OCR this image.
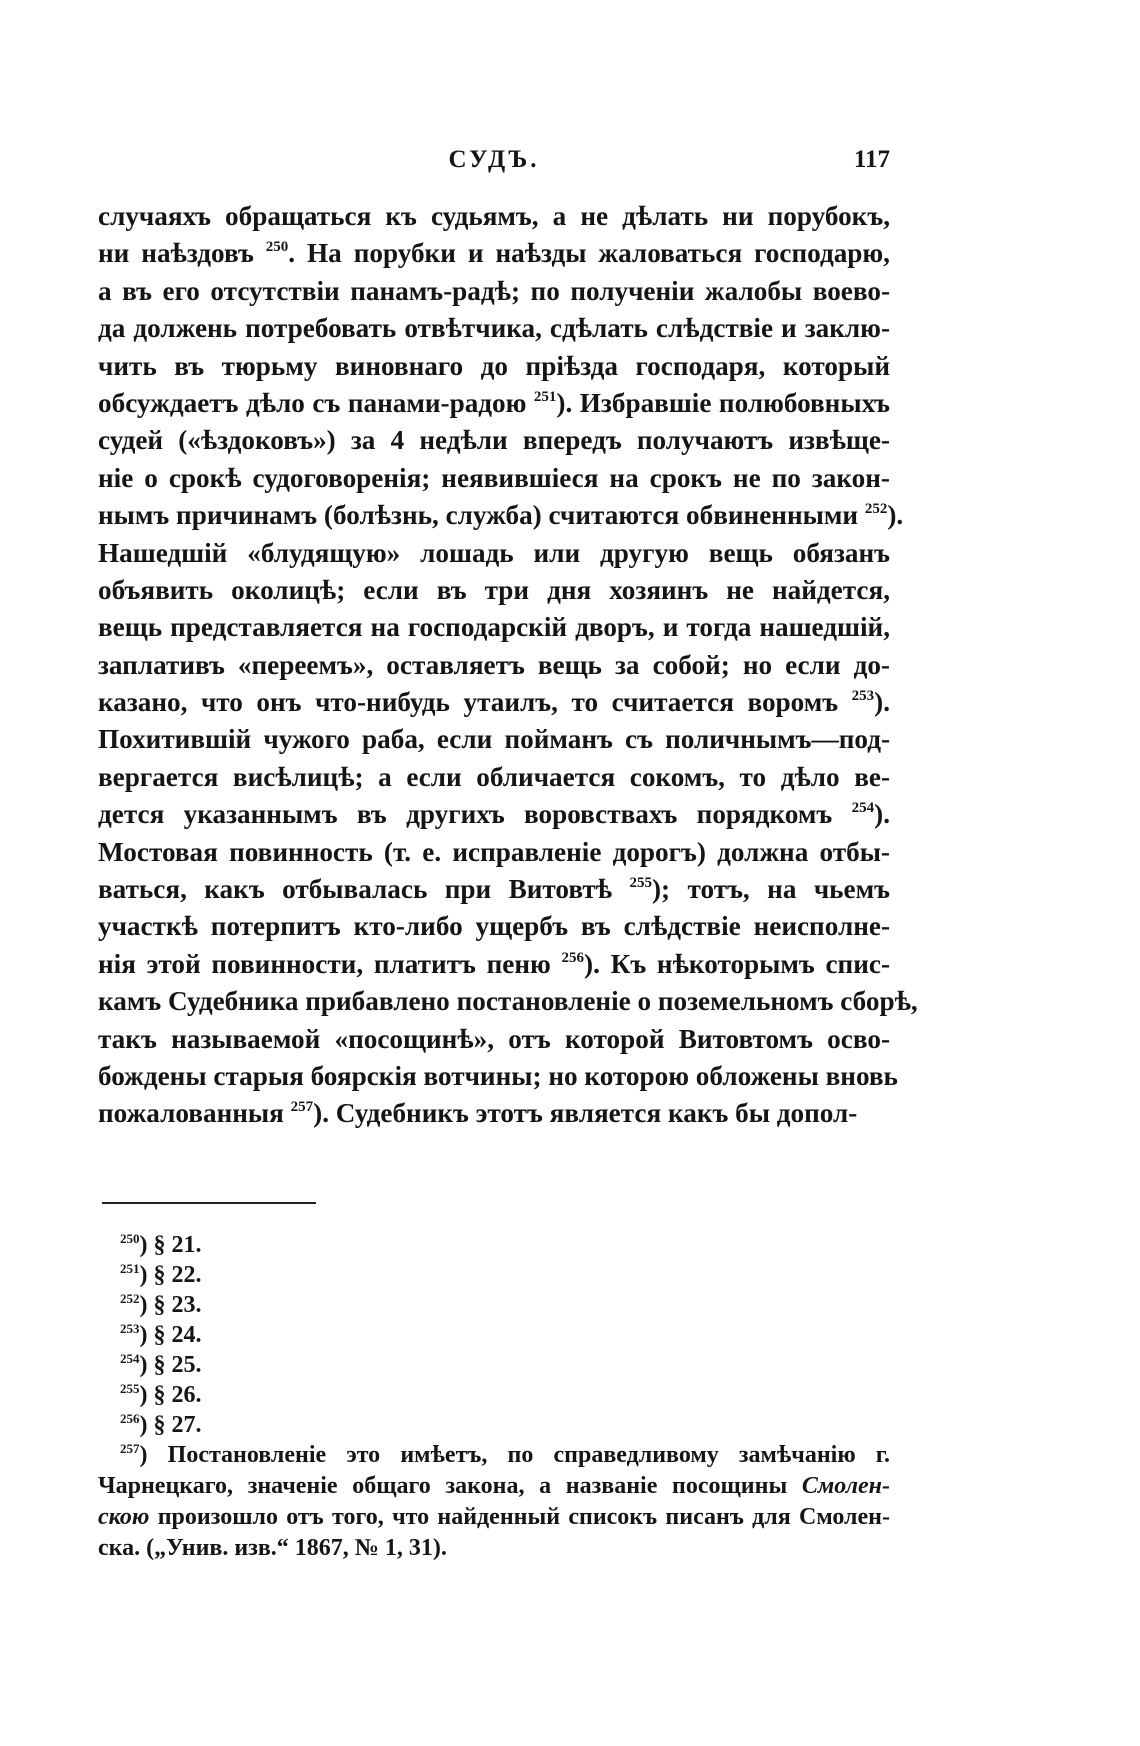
СУДЪ.	117
случаяхъ обращаться къ судьямъ, а не дѣлать ни порубокъ,
ни наѣздовъ $^{250}$. На порубки и наѣзды жаловаться господарю,
а въ его отсутствіи панамъ-радѣ; по полученіи жалобы воево-
да должень потребовать отвѣтчика, сдѣлать слѣдствіе и заклю-
чить въ тюрьму виновнаго до пріѣзда господаря, который
обсуждаетъ дѣло съ панами-радою $^{251}$). Избравшіе полюбовныхъ
судей («ѣздоковъ») за 4 недѣли впередъ получаютъ извѣще-
ніе о срокѣ судоговоренія; неявившіеся на срокъ не по закон-
нымъ причинамъ (болѣзнь, служба) считаются обвиненными $^{252}$).
Нашедшій «блудящую» лошадь или другую вещь обязанъ
объявить околицѣ; если въ три дня хозяинъ не найдется,
вещь представляется на господарскій дворъ, и тогда нашедшій,
заплативъ «переемъ», оставляетъ вещь за собой; но если до-
казано, что онъ что-нибудь утаилъ, то считается воромъ $^{253}$).
Похитившій чужого раба, если пойманъ съ поличнымъ—под-
вергается висѣлицѣ; а если обличается сокомъ, то дѣло ве-
дется указаннымъ въ другихъ воровствахъ порядкомъ $^{254}$).
Мостовая повинность (т. е. исправленіе дорогъ) должна отбы-
ваться, какъ отбывалась при Витовтѣ $^{255}$); тотъ, на чьемъ
участкѣ потерпитъ кто-либо ущербъ въ слѣдствіе неисполне-
нія этой повинности, платитъ пеню $^{256}$). Къ нѣкоторымъ спис-
камъ Судебника прибавлено постановленіе о поземельномъ сборѣ,
такъ называемой «посощинѣ», отъ которой Витовтомъ осво-
бождены старыя боярскія вотчины; но которою обложены вновь
пожалованныя $^{257}$). Судебникъ этотъ является какъ бы допол-
$^{250}$) § 21.
$^{251}$) § 22.
$^{252}$) § 23.
$^{253}$) § 24.
$^{254}$) § 25.
$^{255}$) § 26.
$^{256}$) § 27.
$^{257}$) Постановленіе это имѣетъ, по справедливому замѣчанію г.
Чарнецкаго, значеніе общаго закона, а названіе посощины Смолен-
скою произошло отъ того, что найденный списокъ писанъ для Смолен-
ска. („Унив. изв.“ 1867, № 1, 31).
